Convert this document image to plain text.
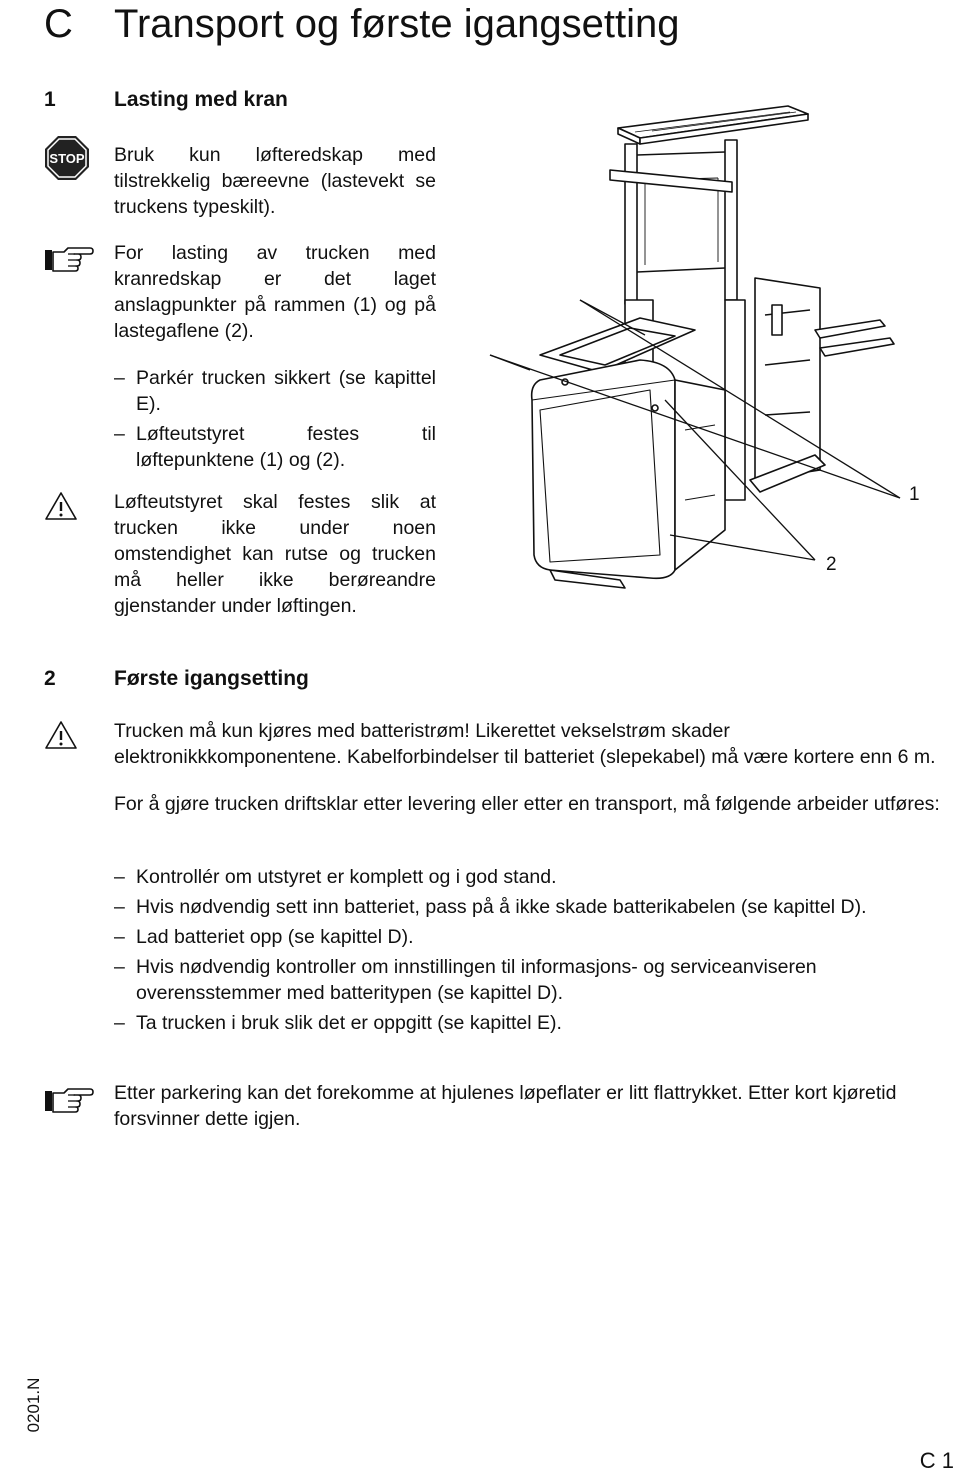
C Transport og første igangsetting
1	Lasting med kran
STOP Bruk kun løfteredskap med tilstrekkelig bæreevne (lastevekt se truckens typeskilt).
For lasting av trucken med kranredskap er det laget anslagpunkter på rammen (1) og på lastegaflene (2).
– Parkér trucken sikkert (se kapittel E).
– Løfteutstyret festes til løftepunktene (1) og (2).
Løfteutstyret skal festes slik at trucken ikke under noen omstendighet kan rutse og trucken må heller ikke berøreandre gjenstander under løftingen.
1
2
2	Første igangsetting
Trucken må kun kjøres med batteristrøm! Likerettet vekselstrøm skader elektronikkkomponentene. Kabelforbindelser til batteriet (slepekabel) må være kortere enn 6 m.
For å gjøre trucken driftsklar etter levering eller etter en transport, må følgende arbeider utføres:
– Kontrollér om utstyret er komplett og i god stand.
– Hvis nødvendig sett inn batteriet, pass på å ikke skade batterikabelen (se kapittel D).
– Lad batteriet opp (se kapittel D).
– Hvis nødvendig kontroller om innstillingen til informasjons- og serviceanviseren overensstemmer med batteritypen (se kapittel D).
– Ta trucken i bruk slik det er oppgitt (se kapittel E).
Etter parkering kan det forekomme at hjulenes løpeflater er litt flattrykket. Etter kort kjøretid forsvinner dette igjen.
0201.N
C 1
